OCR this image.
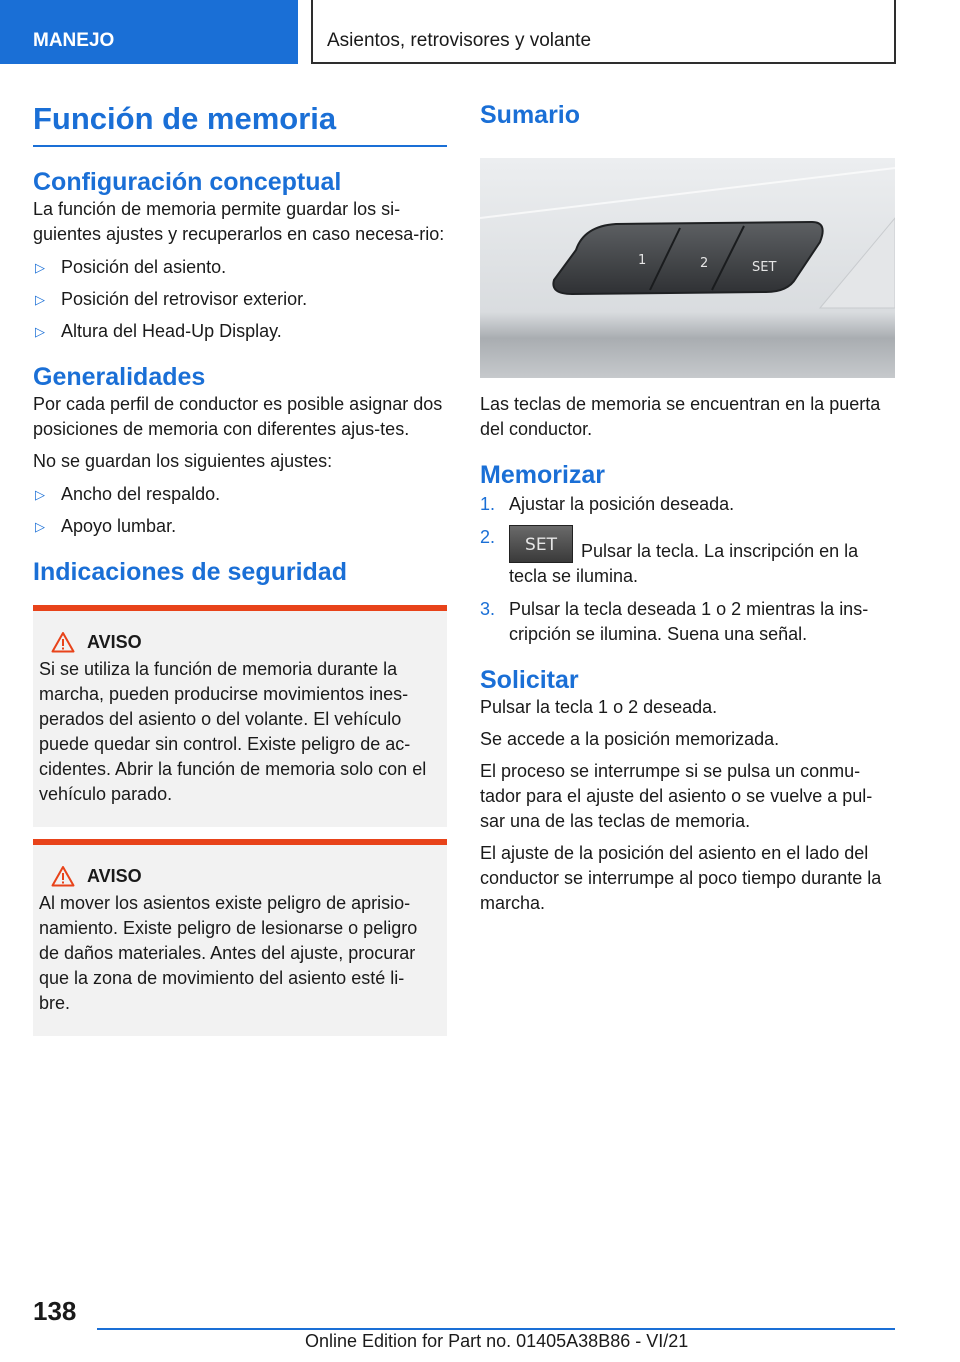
MANEJO	Asientos, retrovisores y volante
Función de memoria
Configuración conceptual

La función de memoria permite guardar los si-guientes ajustes y recuperarlos en caso necesa-rio:

▷ Posición del asiento.
▷ Posición del retrovisor exterior.
▷ Altura del Head-Up Display.
Generalidades

Por cada perfil de conductor es posible asignar dos posiciones de memoria con diferentes ajus-tes.

No se guardan los siguientes ajustes:

▷ Ancho del respaldo.
▷ Apoyo lumbar.
Indicaciones de seguridad
AVISO

Si se utiliza la función de memoria durante la marcha, pueden producirse movimientos ines-perados del asiento o del volante. El vehículo puede quedar sin control. Existe peligro de ac-cidentes. Abrir la función de memoria solo con el vehículo parado.

AVISO

Al mover los asientos existe peligro de aprisio-namiento. Existe peligro de lesionarse o peligro de daños materiales. Antes del ajuste, procurar que la zona de movimiento del asiento esté li-bre.

Sumario
1	2	SET

Las teclas de memoria se encuentran en la puerta del conductor.

Memorizar
1. Ajustar la posición deseada.
2.	SET	Pulsar la tecla. La inscripción en la tecla se ilumina.
3. Pulsar la tecla deseada 1 o 2 mientras la ins-cripción se ilumina. Suena una señal.
Solicitar

Pulsar la tecla 1 o 2 deseada.

Se accede a la posición memorizada.

El proceso se interrumpe si se pulsa un conmu-tador para el ajuste del asiento o se vuelve a pul-sar una de las teclas de memoria.

El ajuste de la posición del asiento en el lado del conductor se interrumpe al poco tiempo durante la marcha.

138
Online Edition for Part no. 01405A38B86 - VI/21
